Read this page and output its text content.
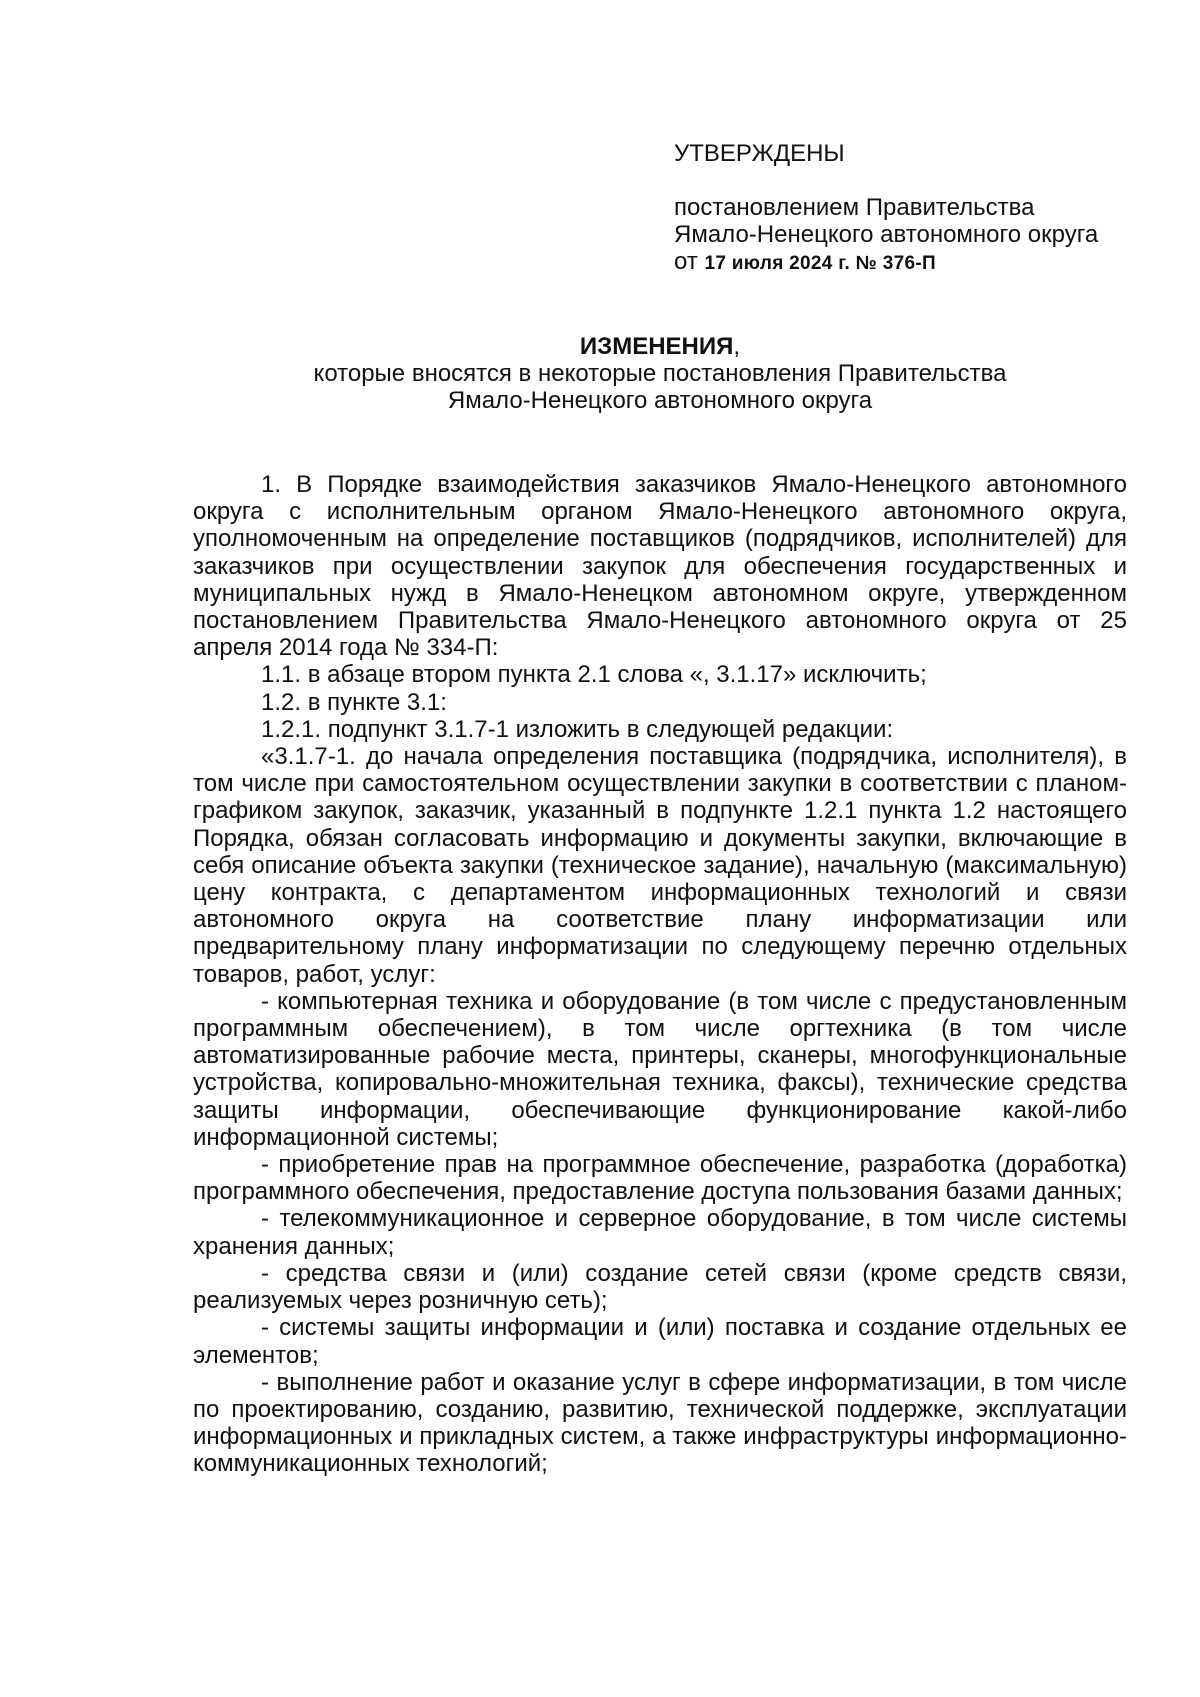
УТВЕРЖДЕНЫ
постановлением Правительства
Ямало-Ненецкого автономного округа
от 17 июля 2024 г. № 376-П
ИЗМЕНЕНИЯ,
которые вносятся в некоторые постановления Правительства
Ямало-Ненецкого автономного округа

1. В Порядке взаимодействия заказчиков Ямало-Ненецкого автономного округа с исполнительным органом Ямало-Ненецкого автономного округа, уполномоченным на определение поставщиков (подрядчиков, исполнителей) для заказчиков при осуществлении закупок для обеспечения государственных и муниципальных нужд в Ямало-Ненецком автономном округе, утвержденном постановлением Правительства Ямало-Ненецкого автономного округа от 25 апреля 2014 года № 334-П:

1.1. в абзаце втором пункта 2.1 слова «, 3.1.17» исключить;

1.2. в пункте 3.1:

1.2.1. подпункт 3.1.7-1 изложить в следующей редакции:

«3.1.7-1. до начала определения поставщика (подрядчика, исполнителя), в том числе при самостоятельном осуществлении закупки в соответствии с планом-графиком закупок, заказчик, указанный в подпункте 1.2.1 пункта 1.2 настоящего Порядка, обязан согласовать информацию и документы закупки, включающие в себя описание объекта закупки (техническое задание), начальную (максимальную) цену контракта, с департаментом информационных технологий и связи автономного округа на соответствие плану информатизации или предварительному плану информатизации по следующему перечню отдельных товаров, работ, услуг:

- компьютерная техника и оборудование (в том числе с предустановленным программным обеспечением), в том числе оргтехника (в том числе автоматизированные рабочие места, принтеры, сканеры, многофункциональные устройства, копировально-множительная техника, факсы), технические средства защиты информации, обеспечивающие функционирование какой-либо информационной системы;

- приобретение прав на программное обеспечение, разработка (доработка) программного обеспечения, предоставление доступа пользования базами данных;

- телекоммуникационное и серверное оборудование, в том числе системы хранения данных;

- средства связи и (или) создание сетей связи (кроме средств связи, реализуемых через розничную сеть);

- системы защиты информации и (или) поставка и создание отдельных ее элементов;

- выполнение работ и оказание услуг в сфере информатизации, в том числе по проектированию, созданию, развитию, технической поддержке, эксплуатации информационных и прикладных систем, а также инфраструктуры информационно-коммуникационных технологий;
